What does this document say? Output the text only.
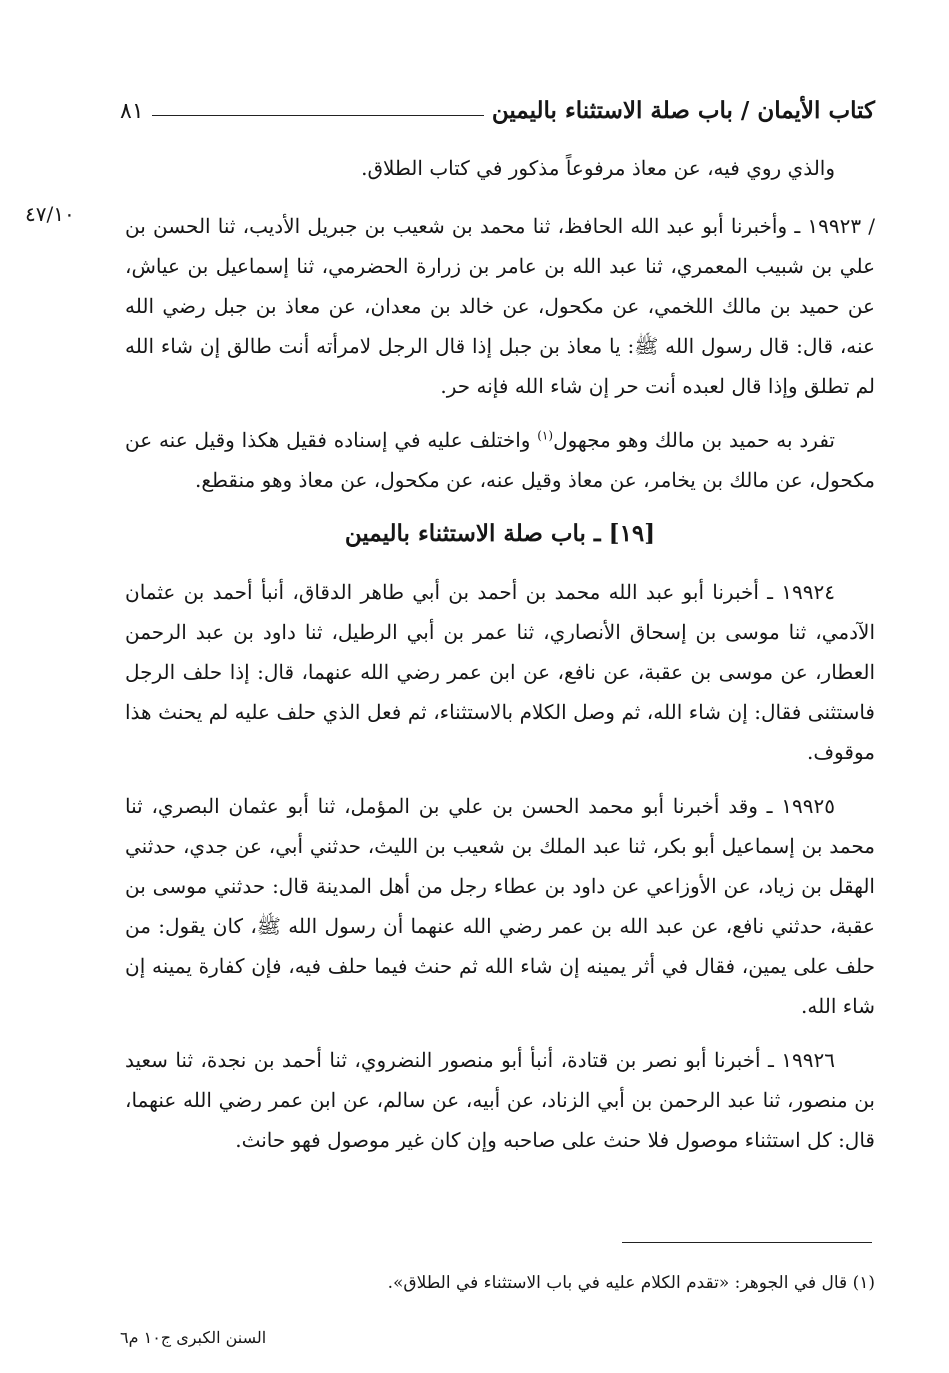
كتاب الأيمان / باب صلة الاستثناء باليمين
٨١
٤٧/١٠

والذي روي فيه، عن معاذ مرفوعاً مذكور في كتاب الطلاق.

/ ١٩٩٢٣ ـ وأخبرنا أبو عبد الله الحافظ، ثنا محمد بن شعيب بن جبريل الأديب، ثنا الحسن بن علي بن شبيب المعمري، ثنا عبد الله بن عامر بن زرارة الحضرمي، ثنا إسماعيل بن عياش، عن حميد بن مالك اللخمي، عن مكحول، عن خالد بن معدان، عن معاذ بن جبل رضي الله عنه، قال: قال رسول الله ﷺ: يا معاذ بن جبل إذا قال الرجل لامرأته أنت طالق إن شاء الله لم تطلق وإذا قال لعبده أنت حر إن شاء الله فإنه حر.

تفرد به حميد بن مالك وهو مجهول$^{(١)}$ واختلف عليه في إسناده فقيل هكذا وقيل عنه عن مكحول، عن مالك بن يخامر، عن معاذ وقيل عنه، عن مكحول، عن معاذ وهو منقطع.

[١٩] ـ باب صلة الاستثناء باليمين

١٩٩٢٤ ـ أخبرنا أبو عبد الله محمد بن أحمد بن أبي طاهر الدقاق، أنبأ أحمد بن عثمان الآدمي، ثنا موسى بن إسحاق الأنصاري، ثنا عمر بن أبي الرطيل، ثنا داود بن عبد الرحمن العطار، عن موسى بن عقبة، عن نافع، عن ابن عمر رضي الله عنهما، قال: إذا حلف الرجل فاستثنى فقال: إن شاء الله، ثم وصل الكلام بالاستثناء، ثم فعل الذي حلف عليه لم يحنث هذا موقوف.

١٩٩٢٥ ـ وقد أخبرنا أبو محمد الحسن بن علي بن المؤمل، ثنا أبو عثمان البصري، ثنا محمد بن إسماعيل أبو بكر، ثنا عبد الملك بن شعيب بن الليث، حدثني أبي، عن جدي، حدثني الهقل بن زياد، عن الأوزاعي عن داود بن عطاء رجل من أهل المدينة قال: حدثني موسى بن عقبة، حدثني نافع، عن عبد الله بن عمر رضي الله عنهما أن رسول الله ﷺ، كان يقول: من حلف على يمين، فقال في أثر يمينه إن شاء الله ثم حنث فيما حلف فيه، فإن كفارة يمينه إن شاء الله.

١٩٩٢٦ ـ أخبرنا أبو نصر بن قتادة، أنبأ أبو منصور النضروي، ثنا أحمد بن نجدة، ثنا سعيد بن منصور، ثنا عبد الرحمن بن أبي الزناد، عن أبيه، عن سالم، عن ابن عمر رضي الله عنهما، قال: كل استثناء موصول فلا حنث على صاحبه وإن كان غير موصول فهو حانث.

(١) قال في الجوهر: «تقدم الكلام عليه في باب الاستثناء في الطلاق».
السنن الكبرى ج١٠ م٦
